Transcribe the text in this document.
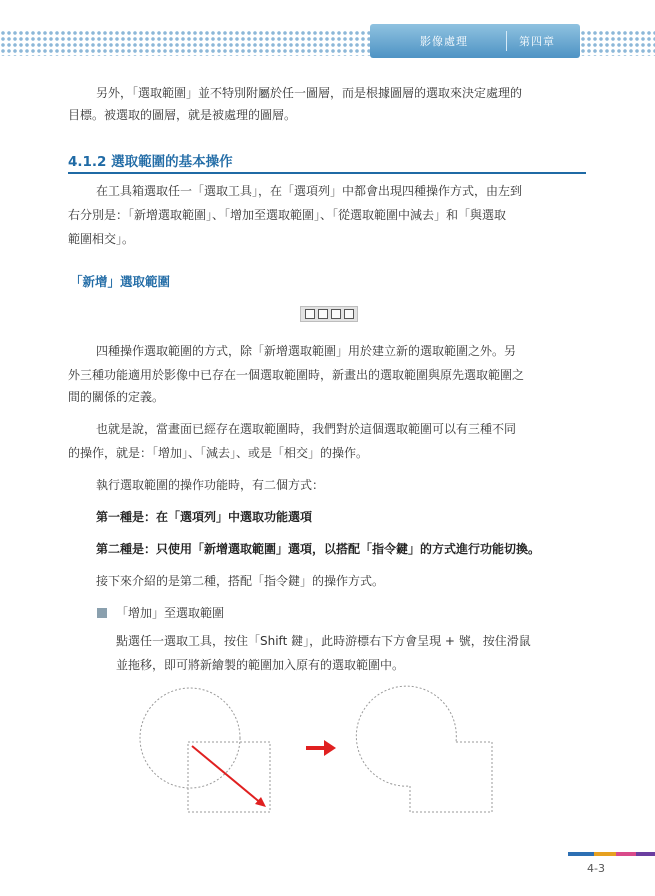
影像處理	第四章
另外，「選取範圍」並不特別附屬於任一圖層，而是根據圖層的選取來決定處理的
目標。被選取的圖層，就是被處理的圖層。
4.1.2 選取範圍的基本操作
在工具箱選取任一「選取工具」，在「選項列」中都會出現四種操作方式，由左到
右分別是：「新增選取範圍」、「增加至選取範圍」、「從選取範圍中減去」和「與選取
範圍相交」。
「新增」選取範圍
四種操作選取範圍的方式，除「新增選取範圍」用於建立新的選取範圍之外。另
外三種功能適用於影像中已存在一個選取範圍時，新畫出的選取範圍與原先選取範圍之
間的關係的定義。
也就是說，當畫面已經存在選取範圍時，我們對於這個選取範圍可以有三種不同
的操作，就是：「增加」、「減去」、或是「相交」的操作。
執行選取範圍的操作功能時，有二個方式：
第一種是：在「選項列」中選取功能選項
第二種是：只使用「新增選取範圍」選項，以搭配「指令鍵」的方式進行功能切換。
接下來介紹的是第二種，搭配「指令鍵」的操作方式。
「增加」至選取範圍
點選任一選取工具，按住「Shift 鍵」，此時游標右下方會呈現 + 號，按住滑鼠
並拖移，即可將新繪製的範圍加入原有的選取範圍中。
4-3
